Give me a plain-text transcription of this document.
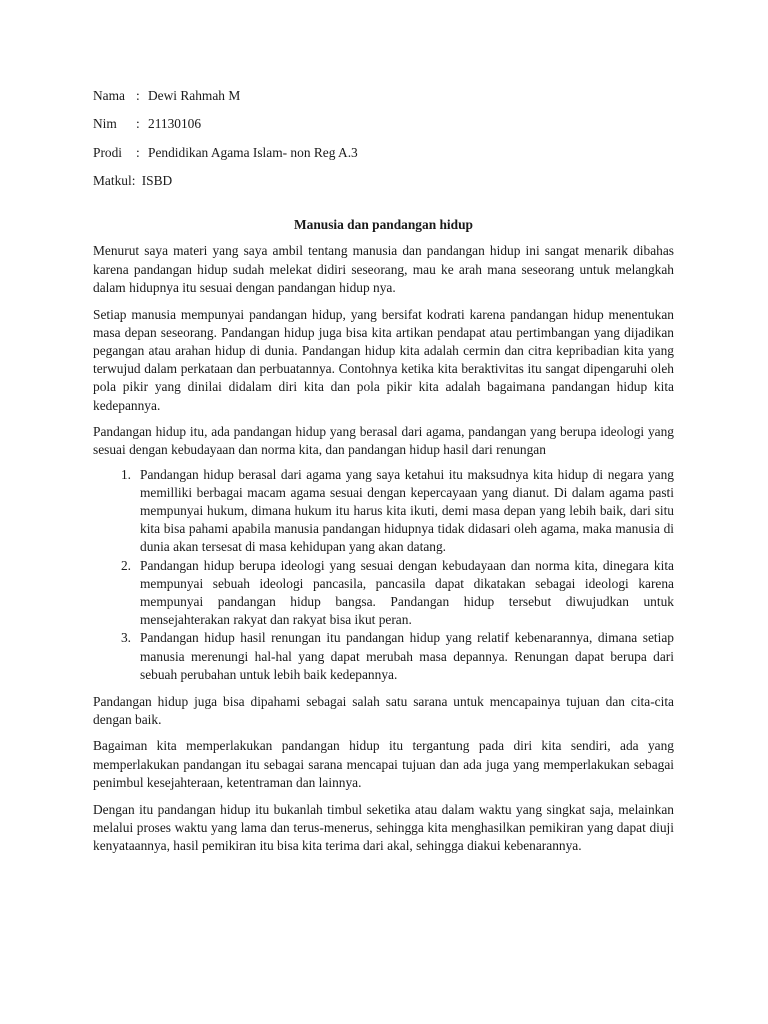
Nama : Dewi Rahmah M
Nim	: 21130106
Prodi	: Pendidikan Agama Islam- non Reg A.3
Matkul : ISBD
Manusia dan pandangan hidup

Menurut saya materi yang saya ambil tentang manusia dan pandangan hidup ini sangat menarik dibahas karena pandangan hidup sudah melekat didiri seseorang, mau ke arah mana seseorang untuk melangkah dalam hidupnya itu sesuai dengan pandangan hidup nya.

Setiap manusia mempunyai pandangan hidup, yang bersifat kodrati karena pandangan hidup menentukan masa depan seseorang. Pandangan hidup juga bisa kita artikan pendapat atau pertimbangan yang dijadikan pegangan atau arahan hidup di dunia. Pandangan hidup kita adalah cermin dan citra kepribadian kita yang terwujud dalam perkataan dan perbuatannya. Contohnya ketika kita beraktivitas itu sangat dipengaruhi oleh pola pikir yang dinilai didalam diri kita dan pola pikir kita adalah bagaimana pandangan hidup kita kedepannya.

Pandangan hidup itu, ada pandangan hidup yang berasal dari agama, pandangan yang berupa ideologi yang sesuai dengan kebudayaan dan norma kita, dan pandangan hidup hasil dari renungan

1. Pandangan hidup berasal dari agama yang saya ketahui itu maksudnya kita hidup di negara yang memilliki berbagai macam agama sesuai dengan kepercayaan yang dianut. Di dalam agama pasti mempunyai hukum, dimana hukum itu harus kita ikuti, demi masa depan yang lebih baik, dari situ kita bisa pahami apabila manusia pandangan hidupnya tidak didasari oleh agama, maka manusia di dunia akan tersesat di masa kehidupan yang akan datang.
2. Pandangan hidup berupa ideologi yang sesuai dengan kebudayaan dan norma kita, dinegara kita mempunyai sebuah ideologi pancasila, pancasila dapat dikatakan sebagai ideologi karena mempunyai pandangan hidup bangsa. Pandangan hidup tersebut diwujudkan untuk mensejahterakan rakyat dan rakyat bisa ikut peran.
3. Pandangan hidup hasil renungan itu pandangan hidup yang relatif kebenarannya, dimana setiap manusia merenungi hal-hal yang dapat merubah masa depannya. Renungan dapat berupa dari sebuah perubahan untuk lebih baik kedepannya.

Pandangan hidup juga bisa dipahami sebagai salah satu sarana untuk mencapainya tujuan dan cita-cita dengan baik.

Bagaiman kita memperlakukan pandangan hidup itu tergantung pada diri kita sendiri, ada yang memperlakukan pandangan itu sebagai sarana mencapai tujuan dan ada juga yang memperlakukan sebagai penimbul kesejahteraan, ketentraman dan lainnya.

Dengan itu pandangan hidup itu bukanlah timbul seketika atau dalam waktu yang singkat saja, melainkan melalui proses waktu yang lama dan terus-menerus, sehingga kita menghasilkan pemikiran yang dapat diuji kenyataannya, hasil pemikiran itu bisa kita terima dari akal, sehingga diakui kebenarannya.
